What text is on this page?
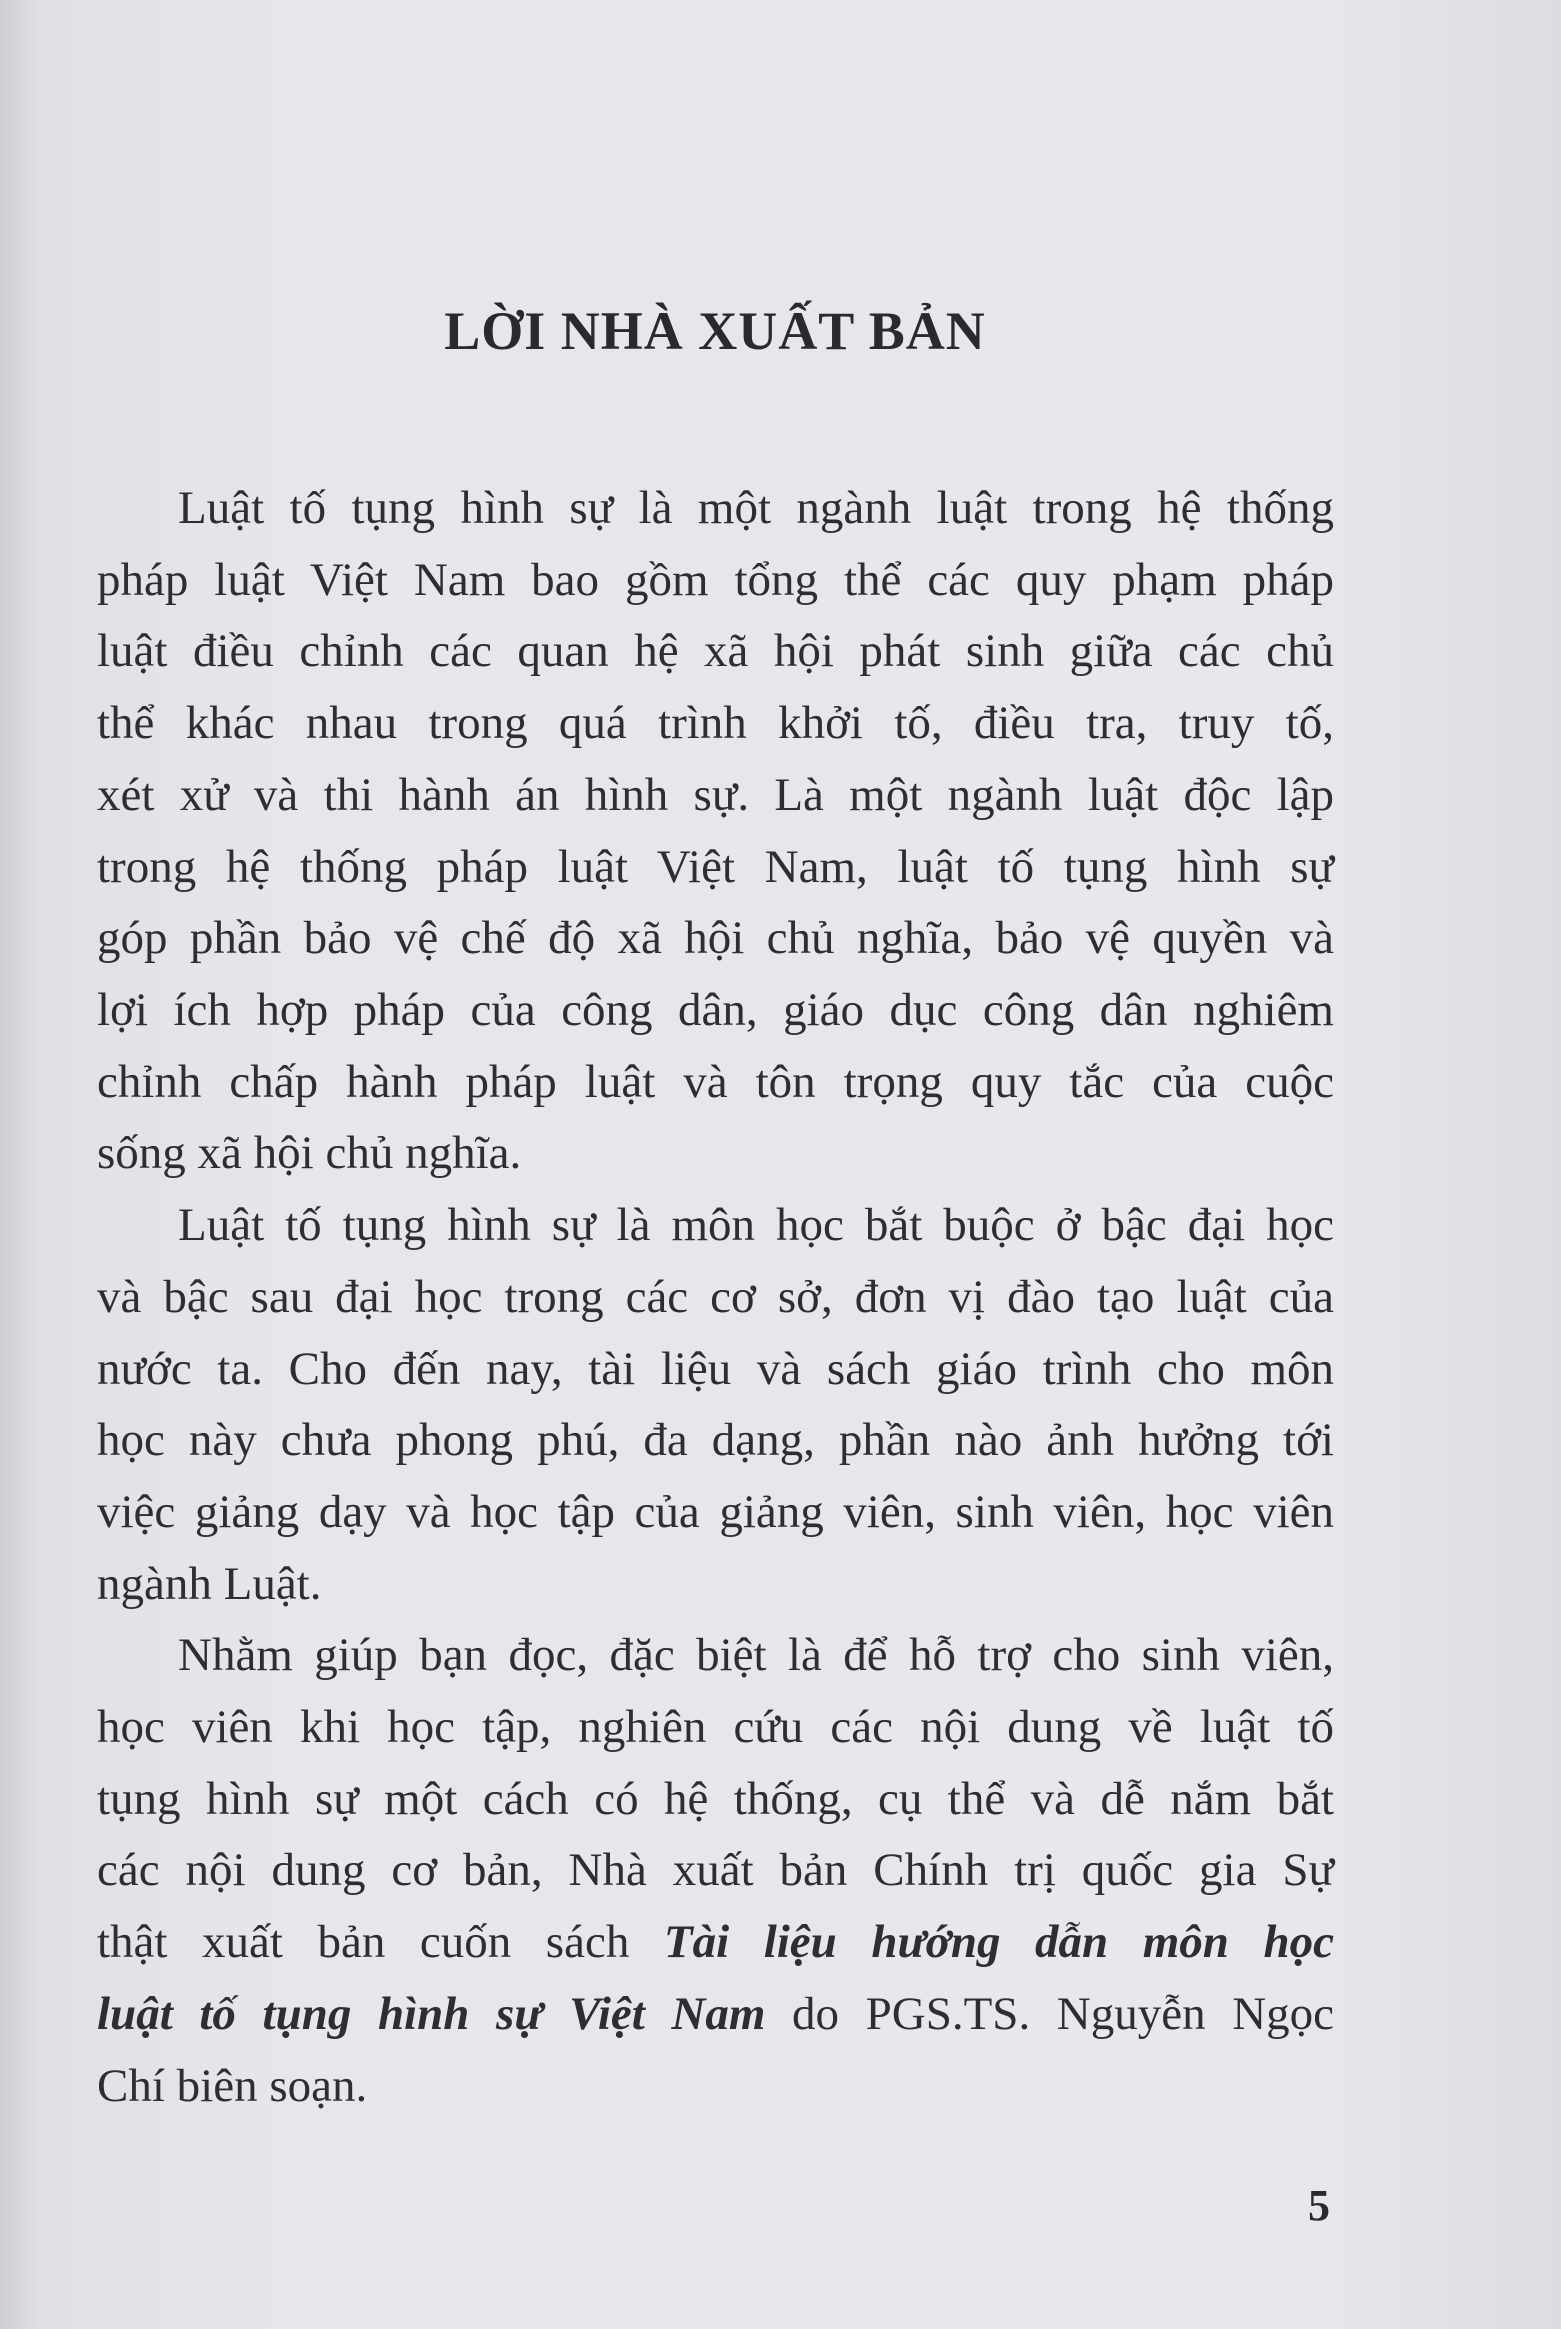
LỜI NHÀ XUẤT BẢN
Luật tố tụng hình sự là một ngành luật trong hệ thống
pháp luật Việt Nam bao gồm tổng thể các quy phạm pháp
luật điều chỉnh các quan hệ xã hội phát sinh giữa các chủ
thể khác nhau trong quá trình khởi tố, điều tra, truy tố,
xét xử và thi hành án hình sự. Là một ngành luật độc lập
trong hệ thống pháp luật Việt Nam, luật tố tụng hình sự
góp phần bảo vệ chế độ xã hội chủ nghĩa, bảo vệ quyền và
lợi ích hợp pháp của công dân, giáo dục công dân nghiêm
chỉnh chấp hành pháp luật và tôn trọng quy tắc của cuộc
sống xã hội chủ nghĩa.
Luật tố tụng hình sự là môn học bắt buộc ở bậc đại học
và bậc sau đại học trong các cơ sở, đơn vị đào tạo luật của
nước ta. Cho đến nay, tài liệu và sách giáo trình cho môn
học này chưa phong phú, đa dạng, phần nào ảnh hưởng tới
việc giảng dạy và học tập của giảng viên, sinh viên, học viên
ngành Luật.
Nhằm giúp bạn đọc, đặc biệt là để hỗ trợ cho sinh viên,
học viên khi học tập, nghiên cứu các nội dung về luật tố
tụng hình sự một cách có hệ thống, cụ thể và dễ nắm bắt
các nội dung cơ bản, Nhà xuất bản Chính trị quốc gia Sự
thật xuất bản cuốn sách Tài liệu hướng dẫn môn học
luật tố tụng hình sự Việt Nam do PGS.TS. Nguyễn Ngọc
Chí biên soạn.
5
